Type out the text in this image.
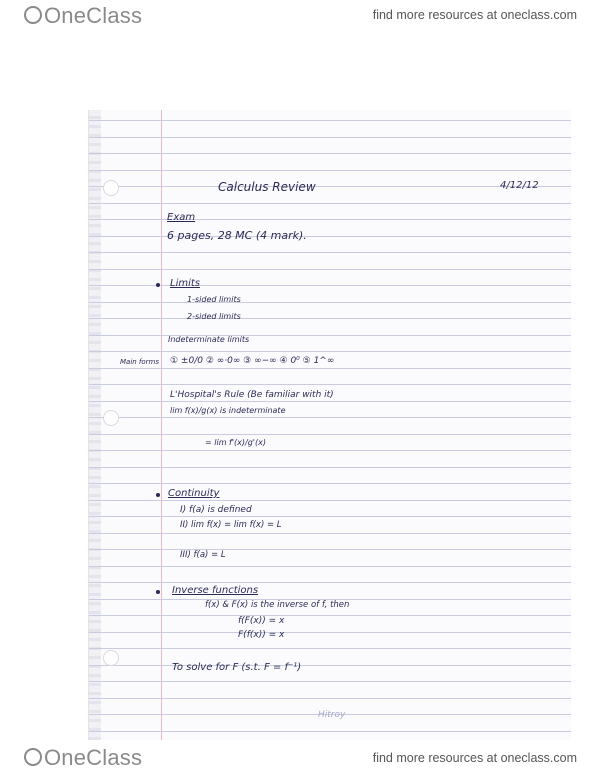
OneClass	find more resources at oneclass.com
Calculus Review	4/12/12
Exam
6 pages, 28 MC (4 mark).
Limits
1-sided limits
2-sided limits
Indeterminate limits
Main forms ① ±0/0 ② ∞·0∞ ③ ∞−∞ ④ 0⁰ ⑤ 1^∞
L'Hospital's Rule (Be familiar with it)
lim f(x)/g(x) is indeterminate
= lim f'(x)/g'(x)
Continuity
I) f(a) is defined
II) lim f(x) = lim f(x) = L
III) f(a) = L
Inverse functions
f(x) & F(x) is the inverse of f, then
f(F(x)) = x
F(f(x)) = x
To solve for F (s.t. F = f⁻¹)
Hitroy
OneClass	find more resources at oneclass.com
